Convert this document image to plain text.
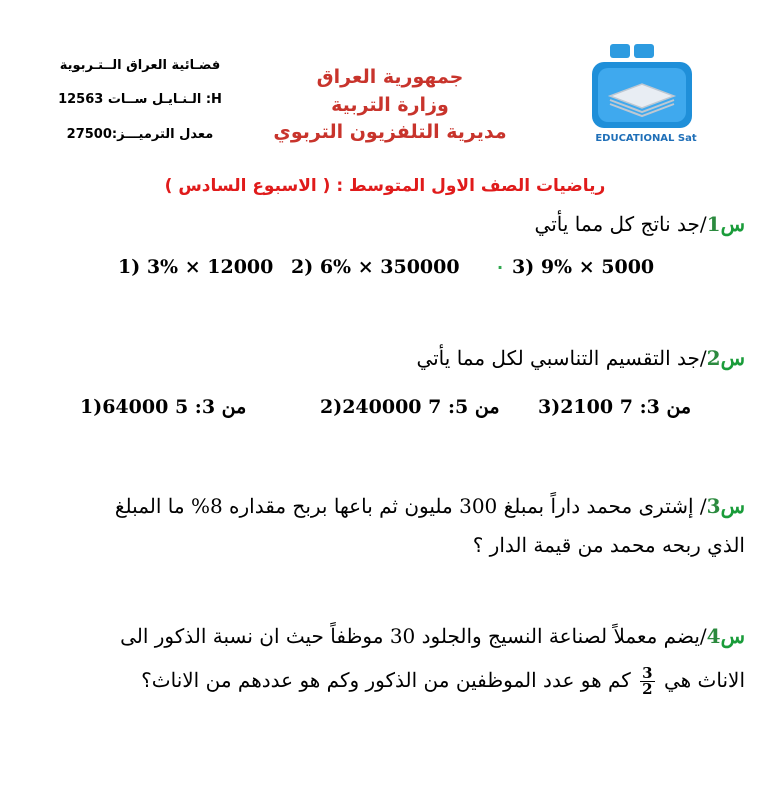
فضـائية العراق الــتـربوية
الـنـايـل ســات 12563 :H
معدل الترميـــز:27500
جمهورية العراق
وزارة التربية
مديرية التلفزيون التربوي	EDUCATIONAL Sat
رياضيات الصف الاول المتوسط : ( الاسبوع السادس )
س1/جد ناتج كل مما يأتي
1) 3% × 12000 2) 6% × 350000 · 3) 9% × 5000
س2/جد التقسيم التناسبي لكل مما يأتي
1)64000 من 3: 5	2)240000 من 5: 7 3)2100 من 3: 7
س3/ إشترى محمد داراً بمبلغ 300 مليون ثم باعها بربح مقداره 8% ما المبلغ
الذي ربحه محمد من قيمة الدار ؟
س4/يضم معملاً لصناعة النسيج والجلود 30 موظفاً حيث ان نسبة الذكور الى
الاناث هي
$\frac{3}{2}$
كم هو عدد الموظفين من الذكور وكم هو عددهم من الاناث؟
